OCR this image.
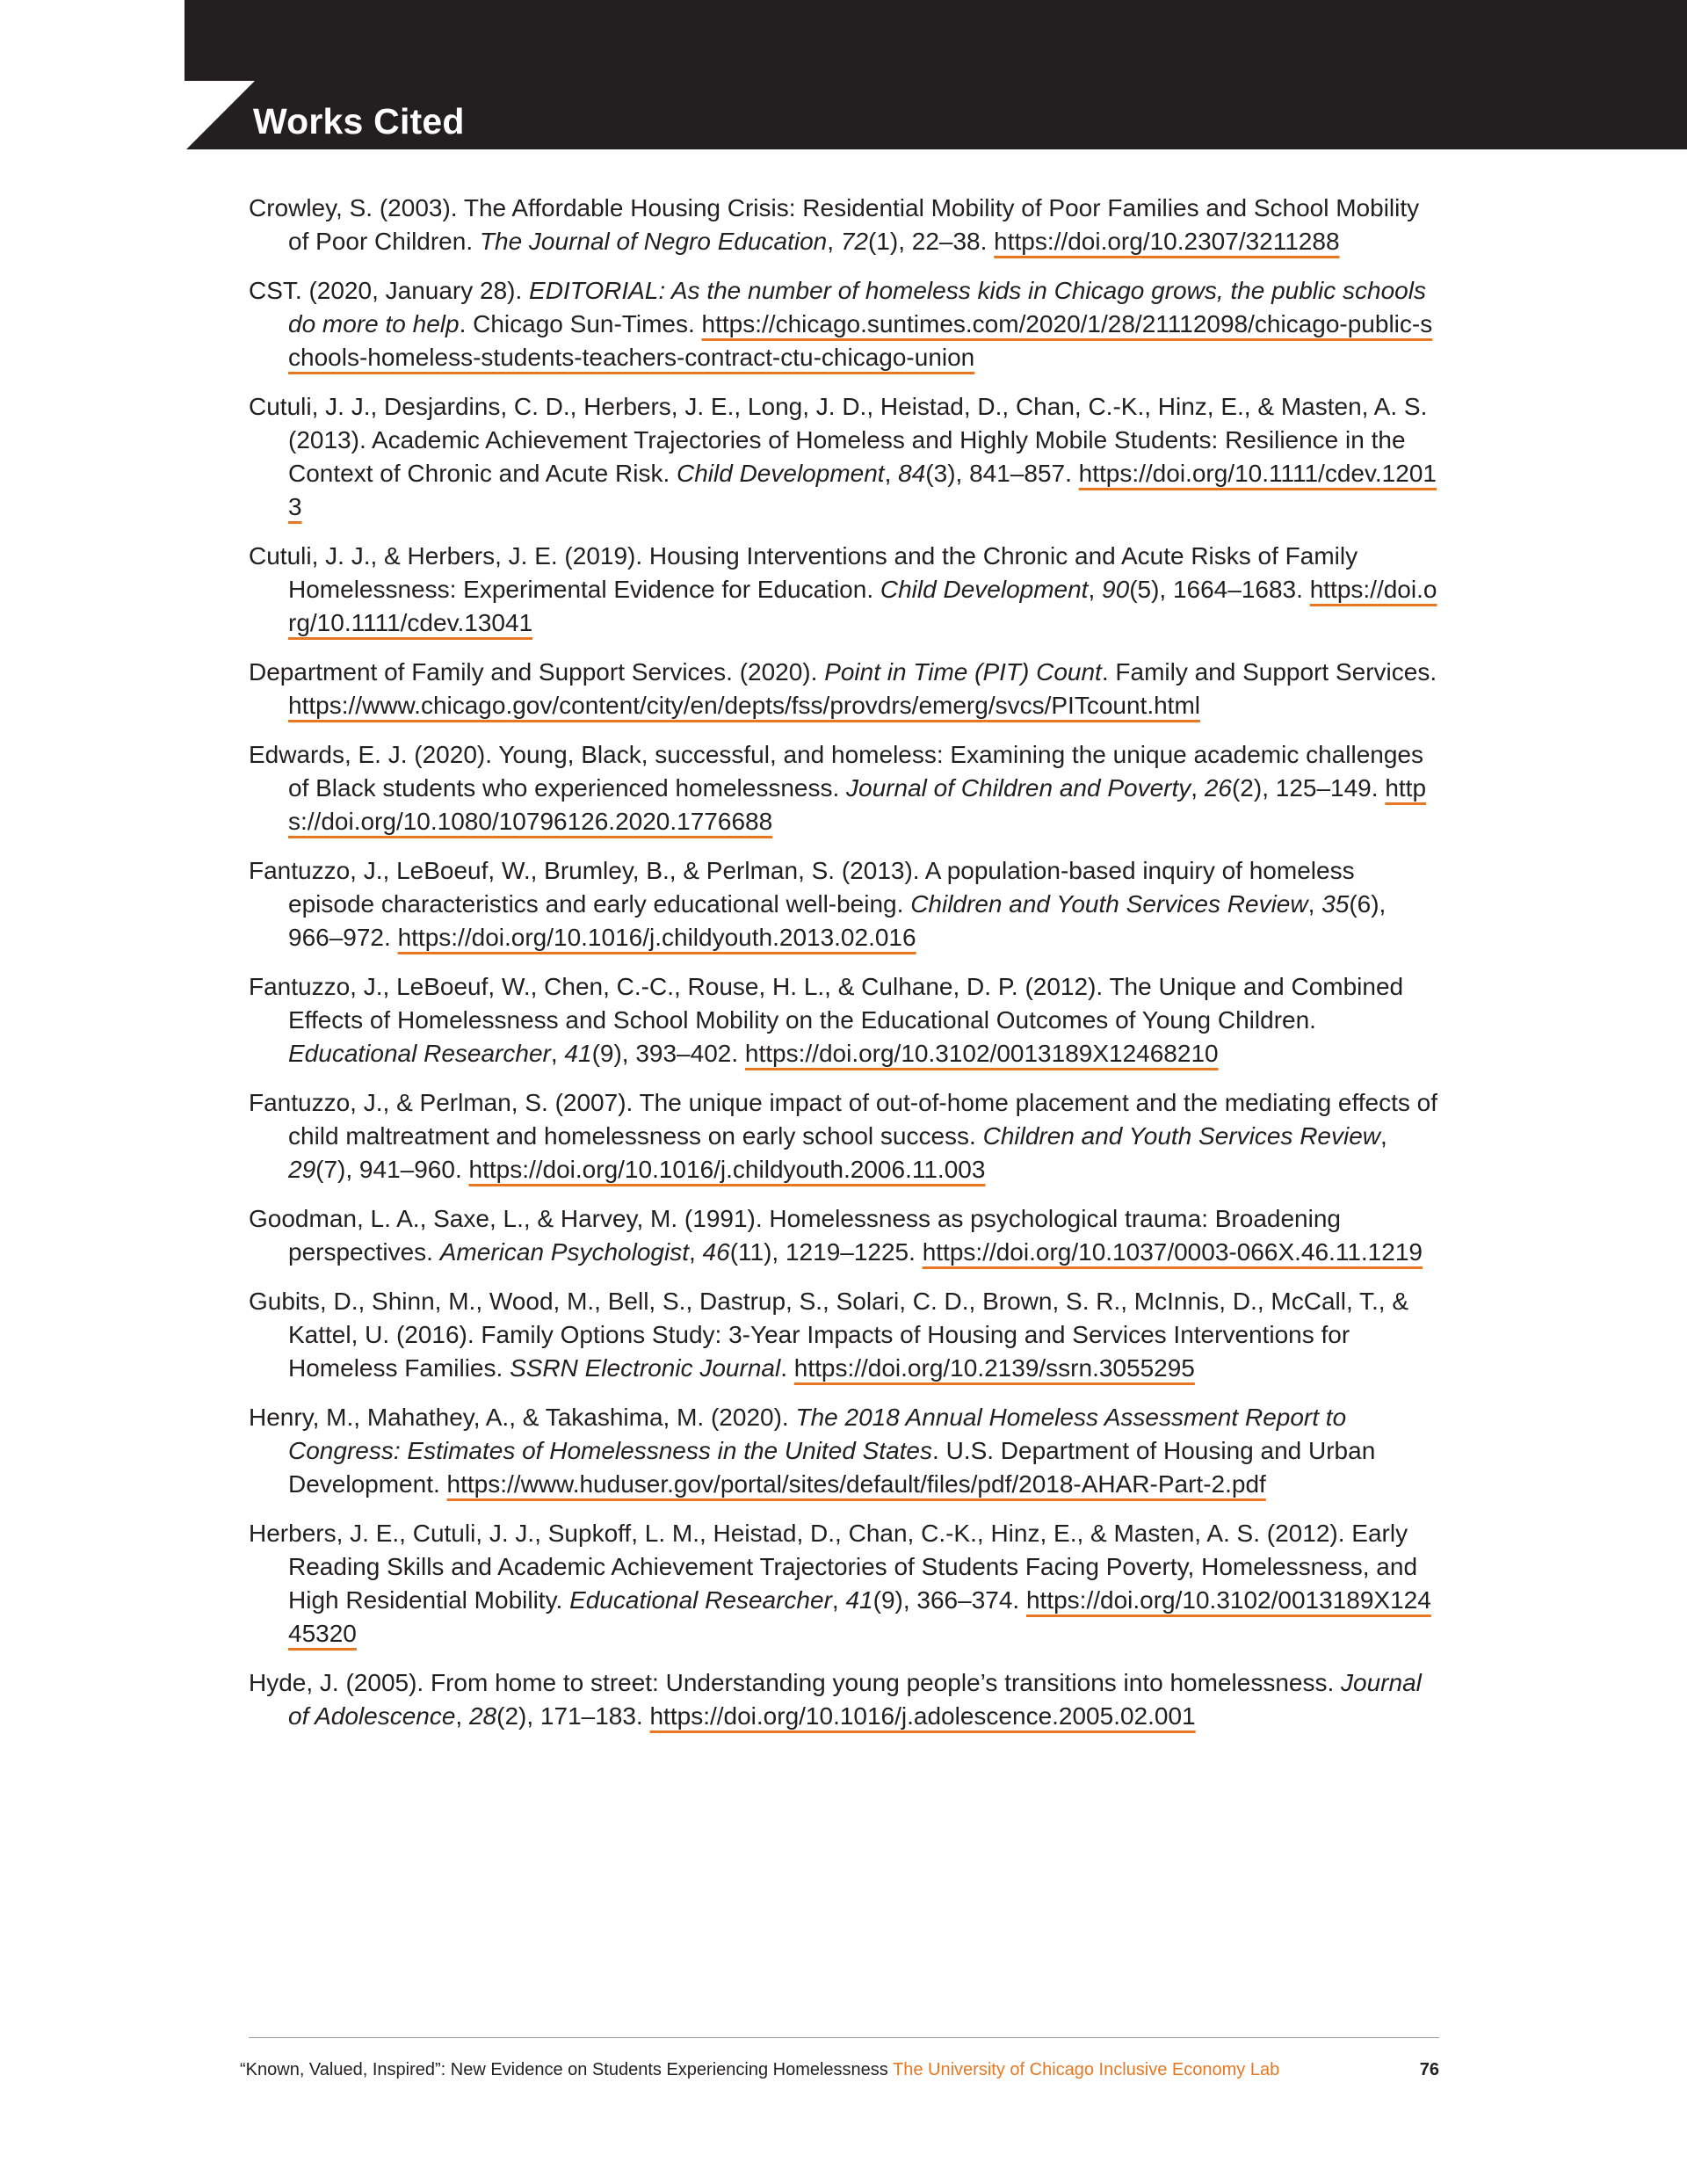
Works Cited

Crowley, S. (2003). The Affordable Housing Crisis: Residential Mobility of Poor Families and School Mobility of Poor Children. The Journal of Negro Education, 72(1), 22–38. https://doi.org/10.2307/3211288

CST. (2020, January 28). EDITORIAL: As the number of homeless kids in Chicago grows, the public schools do more to help. Chicago Sun-Times. https://chicago.suntimes.com/2020/1/28/21112098/chicago-public-schools-homeless-students-teachers-contract-ctu-chicago-union

Cutuli, J. J., Desjardins, C. D., Herbers, J. E., Long, J. D., Heistad, D., Chan, C.-K., Hinz, E., & Masten, A. S. (2013). Academic Achievement Trajectories of Homeless and Highly Mobile Students: Resilience in the Context of Chronic and Acute Risk. Child Development, 84(3), 841–857. https://doi.org/10.1111/cdev.12013

Cutuli, J. J., & Herbers, J. E. (2019). Housing Interventions and the Chronic and Acute Risks of Family Homelessness: Experimental Evidence for Education. Child Development, 90(5), 1664–1683. https://doi.org/10.1111/cdev.13041

Department of Family and Support Services. (2020). Point in Time (PIT) Count. Family and Support Services. https://www.chicago.gov/content/city/en/depts/fss/provdrs/emerg/svcs/PITcount.html

Edwards, E. J. (2020). Young, Black, successful, and homeless: Examining the unique academic challenges of Black students who experienced homelessness. Journal of Children and Poverty, 26(2), 125–149. https://doi.org/10.1080/10796126.2020.1776688

Fantuzzo, J., LeBoeuf, W., Brumley, B., & Perlman, S. (2013). A population-based inquiry of homeless episode characteristics and early educational well-being. Children and Youth Services Review, 35(6), 966–972. https://doi.org/10.1016/j.childyouth.2013.02.016

Fantuzzo, J., LeBoeuf, W., Chen, C.-C., Rouse, H. L., & Culhane, D. P. (2012). The Unique and Combined Effects of Homelessness and School Mobility on the Educational Outcomes of Young Children. Educational Researcher, 41(9), 393–402. https://doi.org/10.3102/0013189X12468210

Fantuzzo, J., & Perlman, S. (2007). The unique impact of out-of-home placement and the mediating effects of child maltreatment and homelessness on early school success. Children and Youth Services Review, 29(7), 941–960. https://doi.org/10.1016/j.childyouth.2006.11.003

Goodman, L. A., Saxe, L., & Harvey, M. (1991). Homelessness as psychological trauma: Broadening perspectives. American Psychologist, 46(11), 1219–1225. https://doi.org/10.1037/0003-066X.46.11.1219

Gubits, D., Shinn, M., Wood, M., Bell, S., Dastrup, S., Solari, C. D., Brown, S. R., McInnis, D., McCall, T., & Kattel, U. (2016). Family Options Study: 3-Year Impacts of Housing and Services Interventions for Homeless Families. SSRN Electronic Journal. https://doi.org/10.2139/ssrn.3055295

Henry, M., Mahathey, A., & Takashima, M. (2020). The 2018 Annual Homeless Assessment Report to Congress: Estimates of Homelessness in the United States. U.S. Department of Housing and Urban Development. https://www.huduser.gov/portal/sites/default/files/pdf/2018-AHAR-Part-2.pdf

Herbers, J. E., Cutuli, J. J., Supkoff, L. M., Heistad, D., Chan, C.-K., Hinz, E., & Masten, A. S. (2012). Early Reading Skills and Academic Achievement Trajectories of Students Facing Poverty, Homelessness, and High Residential Mobility. Educational Researcher, 41(9), 366–374. https://doi.org/10.3102/0013189X12445320

Hyde, J. (2005). From home to street: Understanding young people’s transitions into homelessness. Journal of Adolescence, 28(2), 171–183. https://doi.org/10.1016/j.adolescence.2005.02.001

“Known, Valued, Inspired”: New Evidence on Students Experiencing Homelessness The University of Chicago Inclusive Economy Lab	76
